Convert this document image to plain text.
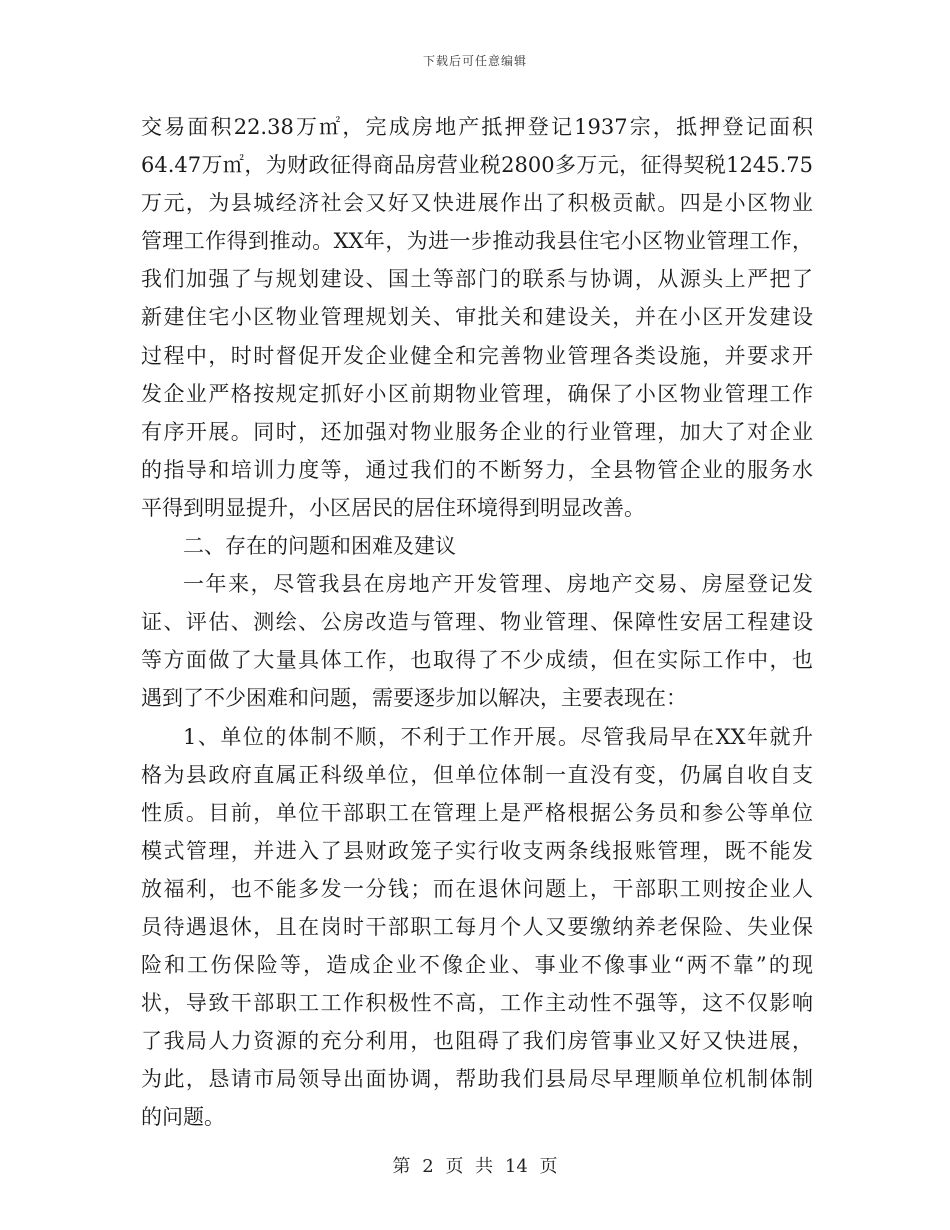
下载后可任意编辑
交易面积22.38万㎡，完成房地产抵押登记1937宗，抵押登记面积
64.47万㎡，为财政征得商品房营业税2800多万元，征得契税1245.75
万元，为县城经济社会又好又快进展作出了积极贡献。四是小区物业
管理工作得到推动。XX年，为进一步推动我县住宅小区物业管理工作，
我们加强了与规划建设、国土等部门的联系与协调，从源头上严把了
新建住宅小区物业管理规划关、审批关和建设关，并在小区开发建设
过程中，时时督促开发企业健全和完善物业管理各类设施，并要求开
发企业严格按规定抓好小区前期物业管理，确保了小区物业管理工作
有序开展。同时，还加强对物业服务企业的行业管理，加大了对企业
的指导和培训力度等，通过我们的不断努力，全县物管企业的服务水
平得到明显提升，小区居民的居住环境得到明显改善。
二、存在的问题和困难及建议
一年来，尽管我县在房地产开发管理、房地产交易、房屋登记发
证、评估、测绘、公房改造与管理、物业管理、保障性安居工程建设
等方面做了大量具体工作，也取得了不少成绩，但在实际工作中，也
遇到了不少困难和问题，需要逐步加以解决，主要表现在：
1、单位的体制不顺，不利于工作开展。尽管我局早在XX年就升
格为县政府直属正科级单位，但单位体制一直没有变，仍属自收自支
性质。目前，单位干部职工在管理上是严格根据公务员和参公等单位
模式管理，并进入了县财政笼子实行收支两条线报账管理，既不能发
放福利，也不能多发一分钱；而在退休问题上，干部职工则按企业人
员待遇退休，且在岗时干部职工每月个人又要缴纳养老保险、失业保
险和工伤保险等，造成企业不像企业、事业不像事业“两不靠”的现
状，导致干部职工工作积极性不高，工作主动性不强等，这不仅影响
了我局人力资源的充分利用，也阻碍了我们房管事业又好又快进展，
为此，恳请市局领导出面协调，帮助我们县局尽早理顺单位机制体制
的问题。
第 2 页 共 14 页
